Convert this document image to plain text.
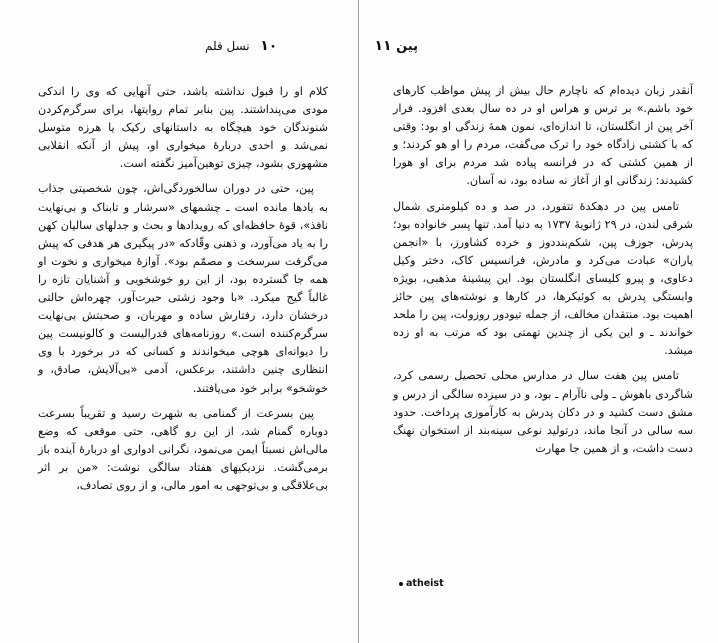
۱۰ نسل قلم

کلام او را قبول نداشته باشد، حتی آنهایی که وی را اندکی مودی می‌پنداشتند. پین بنابر تمام روایتها، برای سرگرم‌کردن شنوندگان خود هیچگاه به داستانهای رکیک یا هرزه متوسل نمی‌شد و احدی دربارهٔ میخواری او، پیش از آنکه انقلابی مشهوری بشود، چیزی توهین‌آمیز نگفته است.

پین، حتی در دوران سالخوردگی‌اش، چون شخصیتی جذاب به یادها مانده است ـ چشمهای «سرشار و تابناک و بی‌نهایت نافذ»، قوهٔ حافظه‌ای که رویدادها و بحث و جدلهای سالیان کهن را به یاد می‌آورد، و ذهنی وقّادکه «در پیگیری هر هدفی که پیش می‌گرفت سرسخت و مصمّم بود». آوازهٔ میخواری و نخوت او همه جا گسترده بود، از این رو خوشخویی و آشنایان تازه را غالباً گیج میکرد. «با وجود زشتی حیرت‌آور، چهره‌اش حالتی درخشان دارد، رفتارش ساده و مهربان، و صحبتش بی‌نهایت سرگرم‌کننده است.» روزنامه‌های فدرالیست و کالونیست پین را دیوانه‌ای هوچی میخواندند و کسانی که در برخورد با وی انتظاری چنین داشتند، برعکس، آدمی «بی‌آلایش، صادق، و خوشخو» برابر خود می‌یافتند.

پین بسرعت از گمنامی به شهرت رسید و تقریباً بسرعت دوباره گمنام شد، از این رو گاهی، حتی موقعی که وضع مالی‌اش نسبتاً ایمن می‌نمود، نگرانی ادواری او دربارهٔ آینده باز برمی‌گشت. نزدیکیهای هفتاد سالگی نوشت: «من بر اثر بی‌علاقگی و بی‌توجهی به امور مالی، و از روی تصادف،

پین ۱۱

آنقدر زبان دیده‌ام که ناچارم حال بیش از پیش مواظب کارهای خود باشم.» بر ترس و هراس او در ده سال بعدی افزود. فرار آخر پین از انگلستان، تا اندازه‌ای، نمون همهٔ زندگی او بود: وقتی که با کشتی زادگاه خود را ترک می‌گفت، مردم را او هو کردند؛ و از همین کشتی که در فرانسه پیاده شد مردم برای او هورا کشیدند: زندگانی او از آغاز نه ساده بود، نه آسان.

تامس پین در دهکدهٔ تتفورد، در صد و ده کیلومتری شمال شرقی لندن، در ۲۹ ژانویهٔ ۱۷۳۷ به دنیا آمد. تنها پسر خانواده بود؛ پدرش، جوزف پین، شکم‌بنددوز و خرده کشاورز، با «انجمن یاران» عبادت می‌کرد و مادرش، فرانسیس کاک، دختر وکیل دعاوی، و پیرو کلیسای انگلستان بود. این پیشینهٔ مذهبی، بویژه وابستگی پدرش به کوئیکرها، در کارها و نوشته‌های پین حائز اهمیت بود. منتقدان مخالف، از جمله تیودور روزولت، پین را ملحد خواندند ـ و این یکی از چندین تهمتی بود که مرتب به او زده میشد.

تامس پین هفت سال در مدارس محلی تحصیل رسمی کرد، شاگردی باهوش ـ ولی ناآرام ـ بود، و در سیزده سالگی از درس و مشق دست کشید و در دکان پدرش به کارآموزی پرداخت. حدود سه سالی در آنجا ماند، درتولید نوعی سینه‌بند از استخوان نهنگ دست داشت، و از همین جا مهارت

atheist
